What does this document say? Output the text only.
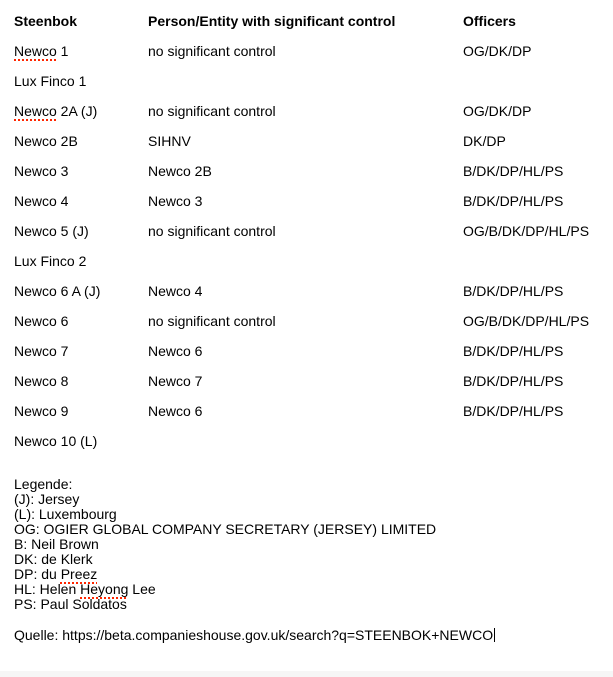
Steenbok	Person/Entity with significant control	Officers
Newco 1	no significant control	OG/DK/DP
Lux Finco 1
Newco 2A (J)	no significant control	OG/DK/DP
Newco 2B	SIHNV	DK/DP
Newco 3	Newco 2B	B/DK/DP/HL/PS
Newco 4	Newco 3	B/DK/DP/HL/PS
Newco 5 (J)	no significant control	OG/B/DK/DP/HL/PS
Lux Finco 2
Newco 6 A (J)	Newco 4	B/DK/DP/HL/PS
Newco 6	no significant control	OG/B/DK/DP/HL/PS
Newco 7	Newco 6	B/DK/DP/HL/PS
Newco 8	Newco 7	B/DK/DP/HL/PS
Newco 9	Newco 6	B/DK/DP/HL/PS
Newco 10 (L)
Legende:
(J): Jersey
(L): Luxembourg
OG: OGIER GLOBAL COMPANY SECRETARY (JERSEY) LIMITED
B: Neil Brown
DK: de Klerk
DP: du Preez
HL: Helen Heyong Lee
PS: Paul Soldatos
Quelle: https://beta.companieshouse.gov.uk/search?q=STEENBOK+NEWCO
